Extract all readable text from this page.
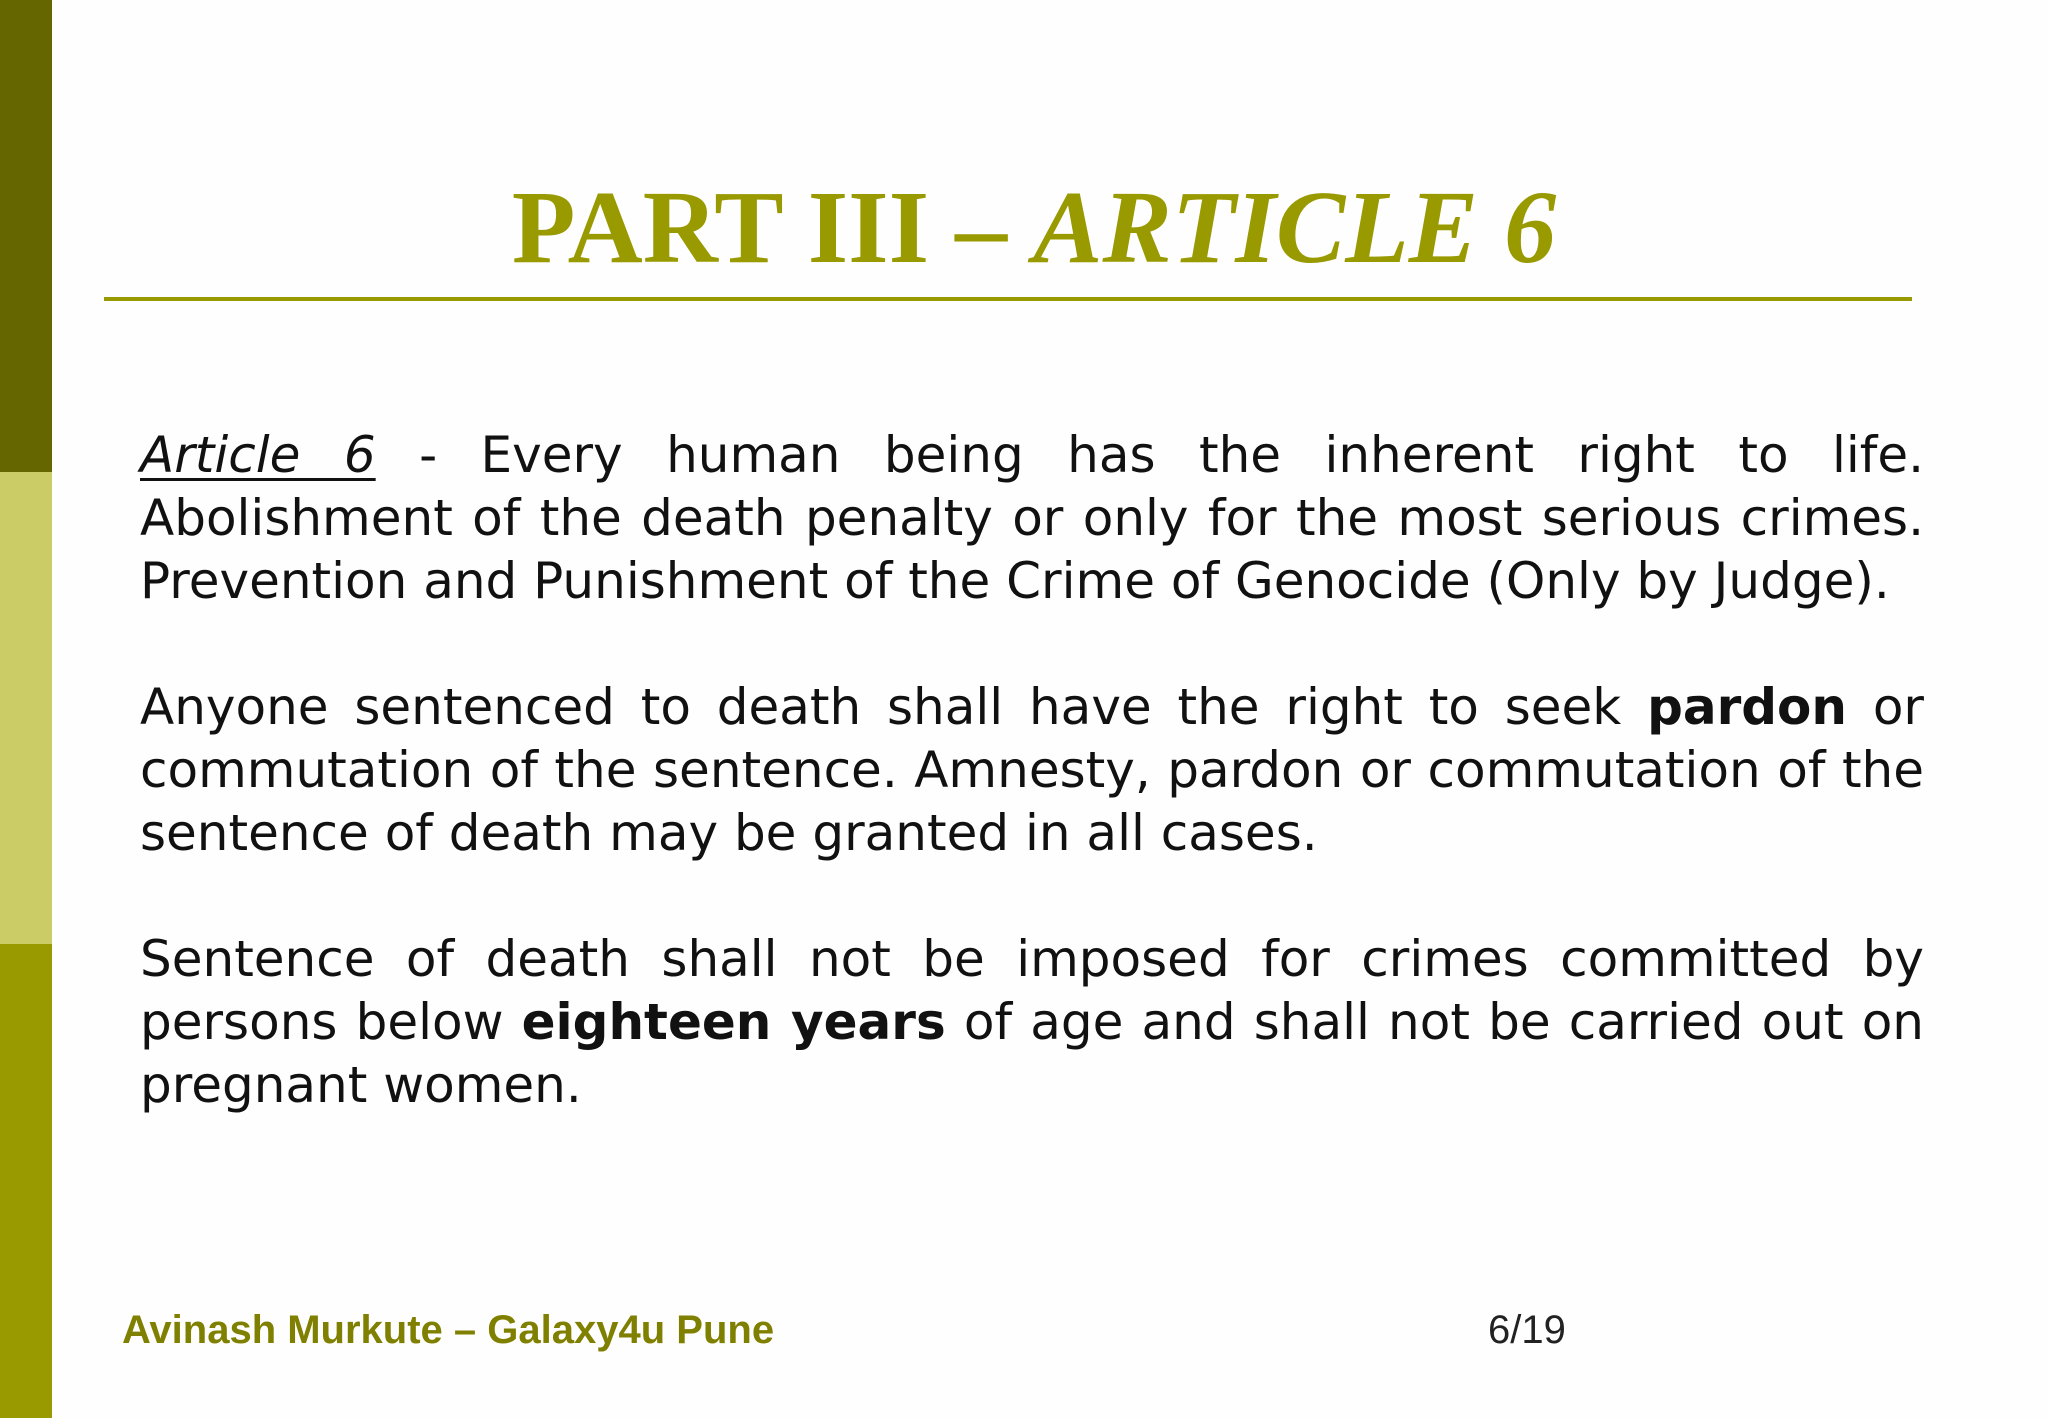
PART III – ARTICLE 6

Article 6 - Every human being has the inherent right to life. Abolishment of the death penalty or only for the most serious crimes. Prevention and Punishment of the Crime of Genocide (Only by Judge).

Anyone sentenced to death shall have the right to seek pardon or commutation of the sentence. Amnesty, pardon or commutation of the sentence of death may be granted in all cases.

Sentence of death shall not be imposed for crimes committed by persons below eighteen years of age and shall not be carried out on pregnant women.

Avinash Murkute – Galaxy4u Pune	6/19
